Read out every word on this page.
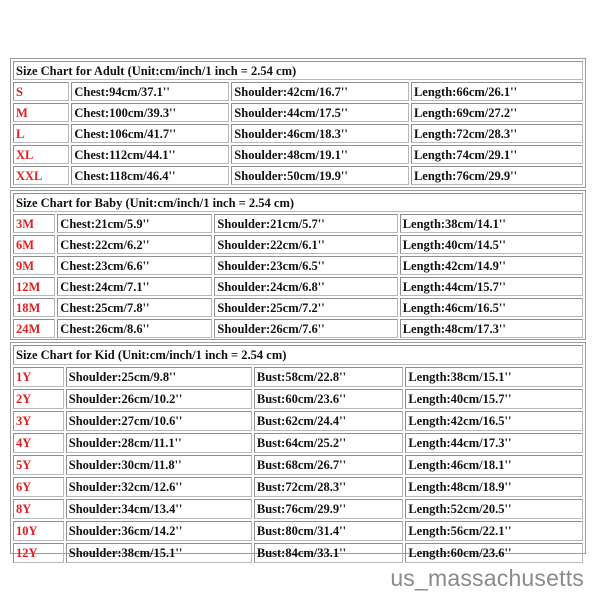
Size Chart for Adult (Unit:cm/inch/1 inch = 2.54 cm)			
S	Chest:94cm/37.1''	Shoulder:42cm/16.7''	Length:66cm/26.1''
M	Chest:100cm/39.3''	Shoulder:44cm/17.5''	Length:69cm/27.2''
L	Chest:106cm/41.7''	Shoulder:46cm/18.3''	Length:72cm/28.3''
XL	Chest:112cm/44.1''	Shoulder:48cm/19.1''	Length:74cm/29.1''
XXL	Chest:118cm/46.4''	Shoulder:50cm/19.9''	Length:76cm/29.9''
Size Chart for Baby (Unit:cm/inch/1 inch = 2.54 cm)			
3M	Chest:21cm/5.9''	Shoulder:21cm/5.7''	Length:38cm/14.1''
6M	Chest:22cm/6.2''	Shoulder:22cm/6.1''	Length:40cm/14.5''
9M	Chest:23cm/6.6''	Shoulder:23cm/6.5''	Length:42cm/14.9''
12M	Chest:24cm/7.1''	Shoulder:24cm/6.8''	Length:44cm/15.7''
18M	Chest:25cm/7.8''	Shoulder:25cm/7.2''	Length:46cm/16.5''
24M	Chest:26cm/8.6''	Shoulder:26cm/7.6''	Length:48cm/17.3''
Size Chart for Kid (Unit:cm/inch/1 inch = 2.54 cm)			
1Y	Shoulder:25cm/9.8''	Bust:58cm/22.8''	Length:38cm/15.1''
2Y	Shoulder:26cm/10.2''	Bust:60cm/23.6''	Length:40cm/15.7''
3Y	Shoulder:27cm/10.6''	Bust:62cm/24.4''	Length:42cm/16.5''
4Y	Shoulder:28cm/11.1''	Bust:64cm/25.2''	Length:44cm/17.3''
5Y	Shoulder:30cm/11.8''	Bust:68cm/26.7''	Length:46cm/18.1''
6Y	Shoulder:32cm/12.6''	Bust:72cm/28.3''	Length:48cm/18.9''
8Y	Shoulder:34cm/13.4''	Bust:76cm/29.9''	Length:52cm/20.5''
10Y	Shoulder:36cm/14.2''	Bust:80cm/31.4''	Length:56cm/22.1''
12Y	Shoulder:38cm/15.1''	Bust:84cm/33.1''	Length:60cm/23.6''
us_massachusetts
